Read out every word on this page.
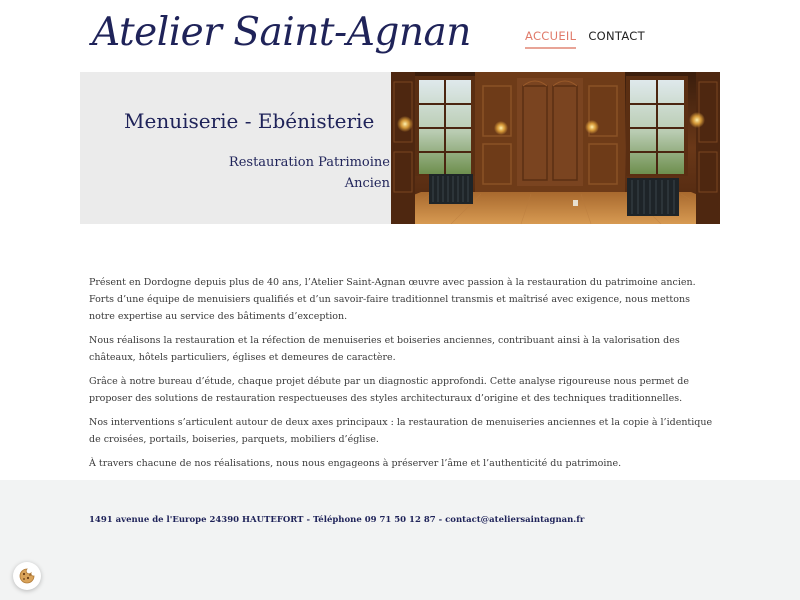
Atelier Saint-Agnan	ACCUEIL CONTACT
Menuiserie - Ebénisterie
Restauration Patrimoine Ancien

Présent en Dordogne depuis plus de 40 ans, l’Atelier Saint-Agnan œuvre avec passion à la restauration du patrimoine ancien. Forts d’une équipe de menuisiers qualifiés et d’un savoir-faire traditionnel transmis et maîtrisé avec exigence, nous mettons notre expertise au service des bâtiments d’exception.

Nous réalisons la restauration et la réfection de menuiseries et boiseries anciennes, contribuant ainsi à la valorisation des châteaux, hôtels particuliers, églises et demeures de caractère.

Grâce à notre bureau d’étude, chaque projet débute par un diagnostic approfondi. Cette analyse rigoureuse nous permet de proposer des solutions de restauration respectueuses des styles architecturaux d’origine et des techniques traditionnelles.

Nos interventions s’articulent autour de deux axes principaux : la restauration de menuiseries anciennes et la copie à l’identique de croisées, portails, boiseries, parquets, mobiliers d’église.

À travers chacune de nos réalisations, nous nous engageons à préserver l’âme et l’authenticité du patrimoine.

1491 avenue de l'Europe 24390 HAUTEFORT - Téléphone 09 71 50 12 87 - contact@ateliersaintagnan.fr
